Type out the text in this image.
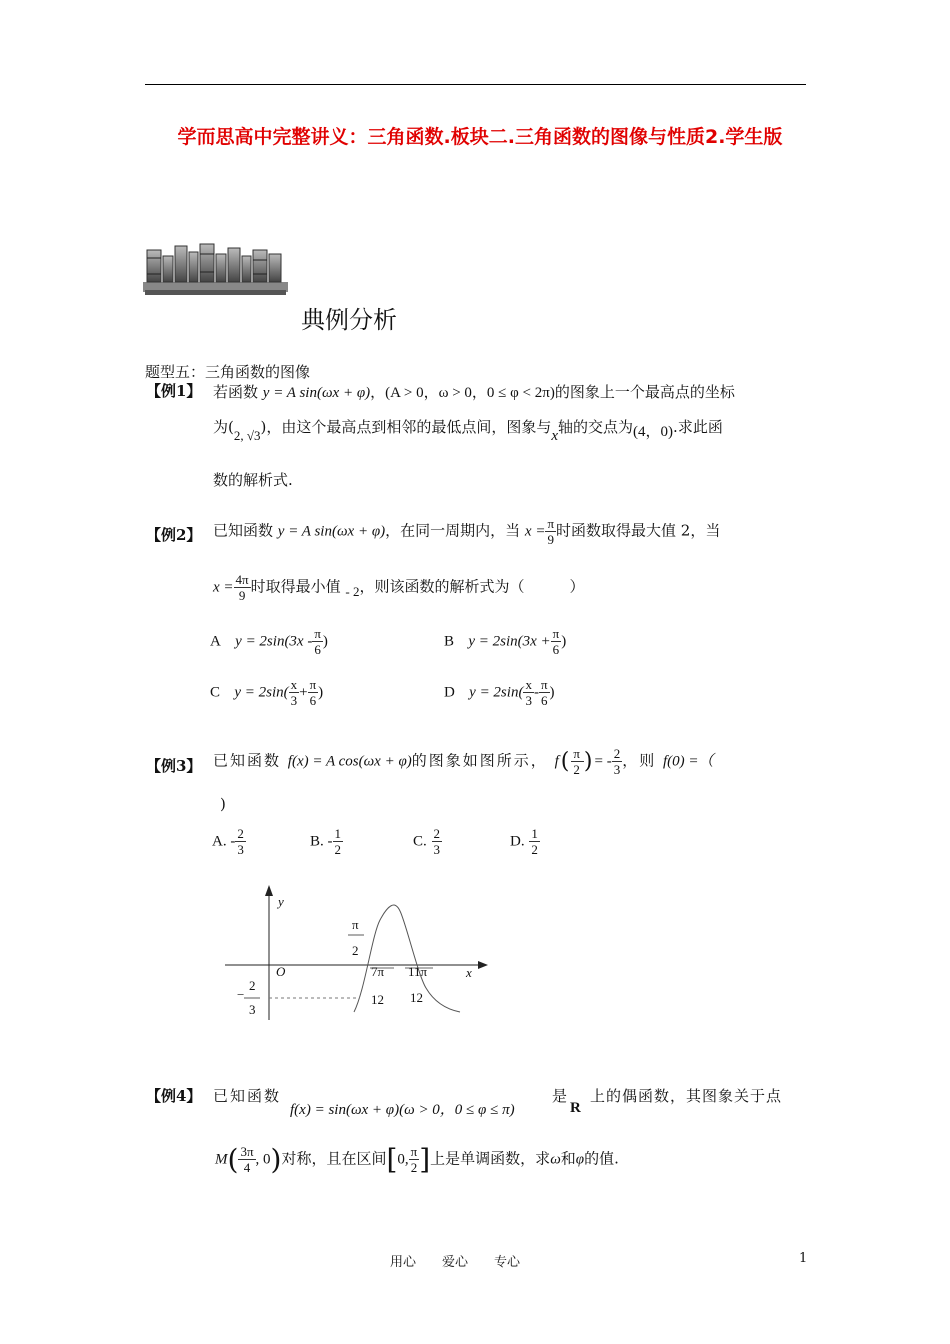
学而思高中完整讲义：三角函数.板块二.三角函数的图像与性质2.学生版
典例分析
题型五：三角函数的图像
【例1】 若函数 y = A sin(ωx + φ)，(A > 0，ω > 0，0 ≤ φ < 2π)的图象上一个最高点的坐标
为(2, √3)，由这个最高点到相邻的最低点间，图象与x轴的交点为(4，0).求此函
数的解析式.
【例2】 已知函数 y = A sin(ωx + φ)，在同一周期内，当 $x = \frac{\pi}{9}$ 时函数取得最大值 2，当
$x = \frac{4\pi}{9}$ 时取得最小值 - 2，则该函数的解析式为（　　　）
A $y = 2\sin(3x - \frac{\pi}{6}$ )	B $y = 2\sin(3x + \frac{\pi}{6}$ )
C $y = 2\sin( \frac{x}{3} + \frac{\pi}{6}$ )	D $y = 2\sin( \frac{x}{3} - \frac{\pi}{6}$ )
【例3】 已知函数 f(x) = A cos(ωx + φ)的图象如图所示， $f( \frac{\pi}{2}$ )= - $\frac{2}{3}$ ，则 f(0) =（
)
A. - $\frac{2}{3}$	B. - $\frac{1}{2}$	C. $\frac{2}{3}$	D. $\frac{1}{2}$
y
x
O
π
2
−
2
3
7π
12
11π
12
【例4】 已知函数
f(x) = sin(ωx + φ)(ω > 0，0 ≤ φ ≤ π)
是
R
上的偶函数，其图象关于点
$M( \frac{3\pi}{4}$ , 0)对称，且在区间[0, $\frac{\pi}{2}$ ]上是单调函数，求ω和φ的值.
用心　　爱心　　专心	1
